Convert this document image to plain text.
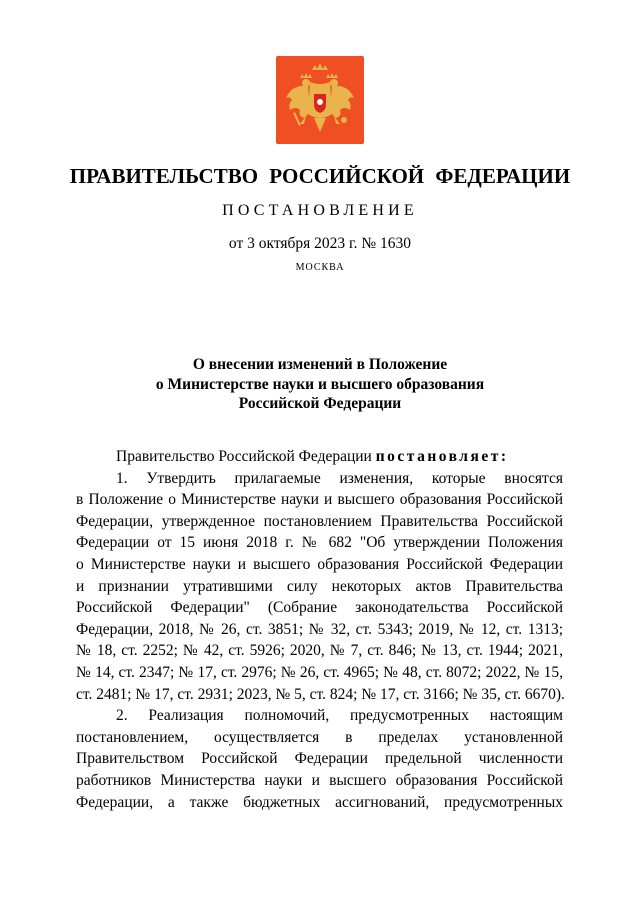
ПРАВИТЕЛЬСТВО РОССИЙСКОЙ ФЕДЕРАЦИИ
ПОСТАНОВЛЕНИЕ
от 3 октября 2023 г. № 1630
МОСКВА
О внесении изменений в Положение
о Министерстве науки и высшего образования
Российской Федерации
Правительство Российской Федерации постановляет:
1. Утвердить прилагаемые изменения, которые вносятся
в Положение о Министерстве науки и высшего образования Российской
Федерации, утвержденное постановлением Правительства Российской
Федерации от 15 июня 2018 г. № 682 "Об утверждении Положения
о Министерстве науки и высшего образования Российской Федерации
и признании утратившими силу некоторых актов Правительства
Российской Федерации" (Собрание законодательства Российской
Федерации, 2018, № 26, ст. 3851; № 32, ст. 5343; 2019, № 12, ст. 1313;
№ 18, ст. 2252; № 42, ст. 5926; 2020, № 7, ст. 846; № 13, ст. 1944; 2021,
№ 14, ст. 2347; № 17, ст. 2976; № 26, ст. 4965; № 48, ст. 8072; 2022, № 15,
ст. 2481; № 17, ст. 2931; 2023, № 5, ст. 824; № 17, ст. 3166; № 35, ст. 6670).
2. Реализация полномочий, предусмотренных настоящим
постановлением, осуществляется в пределах установленной
Правительством Российской Федерации предельной численности
работников Министерства науки и высшего образования Российской
Федерации, а также бюджетных ассигнований, предусмотренных
